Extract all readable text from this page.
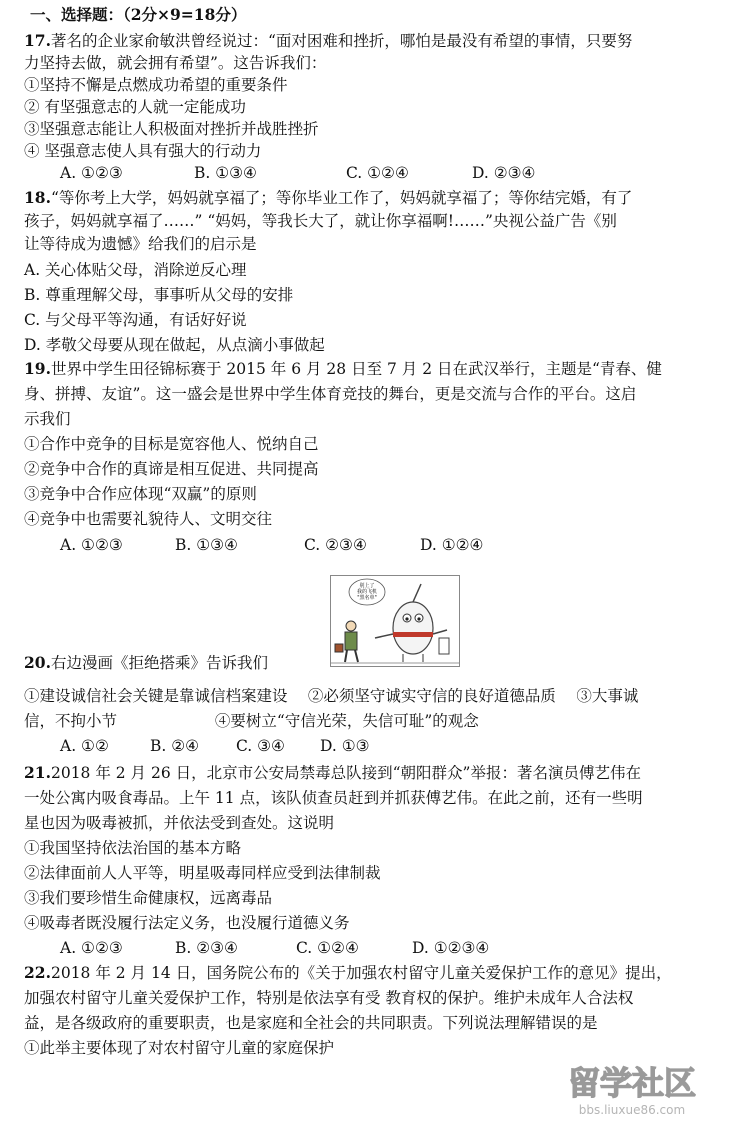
一、选择题：（2分×9=18分）
17.著名的企业家俞敏洪曾经说过：“面对困难和挫折，哪怕是最没有希望的事情，只要努
力坚持去做，就会拥有希望”。这告诉我们：
①坚持不懈是点燃成功希望的重要条件
② 有坚强意志的人就一定能成功
③坚强意志能让人积极面对挫折并战胜挫折
④ 坚强意志使人具有强大的行动力
A. ①②③	B. ①③④	C. ①②④	D. ②③④
18.“等你考上大学，妈妈就享福了；等你毕业工作了，妈妈就享福了；等你结完婚，有了
孩子，妈妈就享福了……” “妈妈，等我长大了，就让你享福啊!……”央视公益广告《别
让等待成为遗憾》给我们的启示是
A. 关心体贴父母，消除逆反心理
B. 尊重理解父母，事事听从父母的安排
C. 与父母平等沟通，有话好好说
D. 孝敬父母要从现在做起，从点滴小事做起
19.世界中学生田径锦标赛于 2015 年 6 月 28 日至 7 月 2 日在武汉举行，主题是“青春、健
身、拼搏、友谊”。这一盛会是世界中学生体育竞技的舞台，更是交流与合作的平台。这启
示我们
①合作中竞争的目标是宽容他人、悦纳自己
②竞争中合作的真谛是相互促进、共同提高
③竞争中合作应体现“双赢”的原则
④竞争中也需要礼貌待人、文明交往
A. ①②③	B. ①③④	C. ②③④	D. ①②④
别上了
我的飞机
"黑名单"
20.右边漫画《拒绝搭乘》告诉我们
①建设诚信社会关键是靠诚信档案建设　 ②必须坚守诚实守信的良好道德品质　 ③大事诚
信，不拘小节　　　　　　 ④要树立“守信光荣，失信可耻”的观念
A. ①②	B. ②④ C. ③④ D. ①③
21.2018 年 2 月 26 日，北京市公安局禁毒总队接到“朝阳群众”举报：著名演员傅艺伟在
一处公寓内吸食毒品。上午 11 点，该队侦查员赶到并抓获傅艺伟。在此之前，还有一些明
星也因为吸毒被抓，并依法受到查处。这说明
①我国坚持依法治国的基本方略
②法律面前人人平等，明星吸毒同样应受到法律制裁
③我们要珍惜生命健康权，远离毒品
④吸毒者既没履行法定义务，也没履行道德义务
A. ①②③	B. ②③④	C. ①②④	D. ①②③④
22.2018 年 2 月 14 日，国务院公布的《关于加强农村留守儿童关爱保护工作的意见》提出，
加强农村留守儿童关爱保护工作，特别是依法享有受 教育权的保护。维护未成年人合法权
益，是各级政府的重要职责，也是家庭和全社会的共同职责。下列说法理解错误的是
①此举主要体现了对农村留守儿童的家庭保护
留学社区
bbs.liuxue86.com
